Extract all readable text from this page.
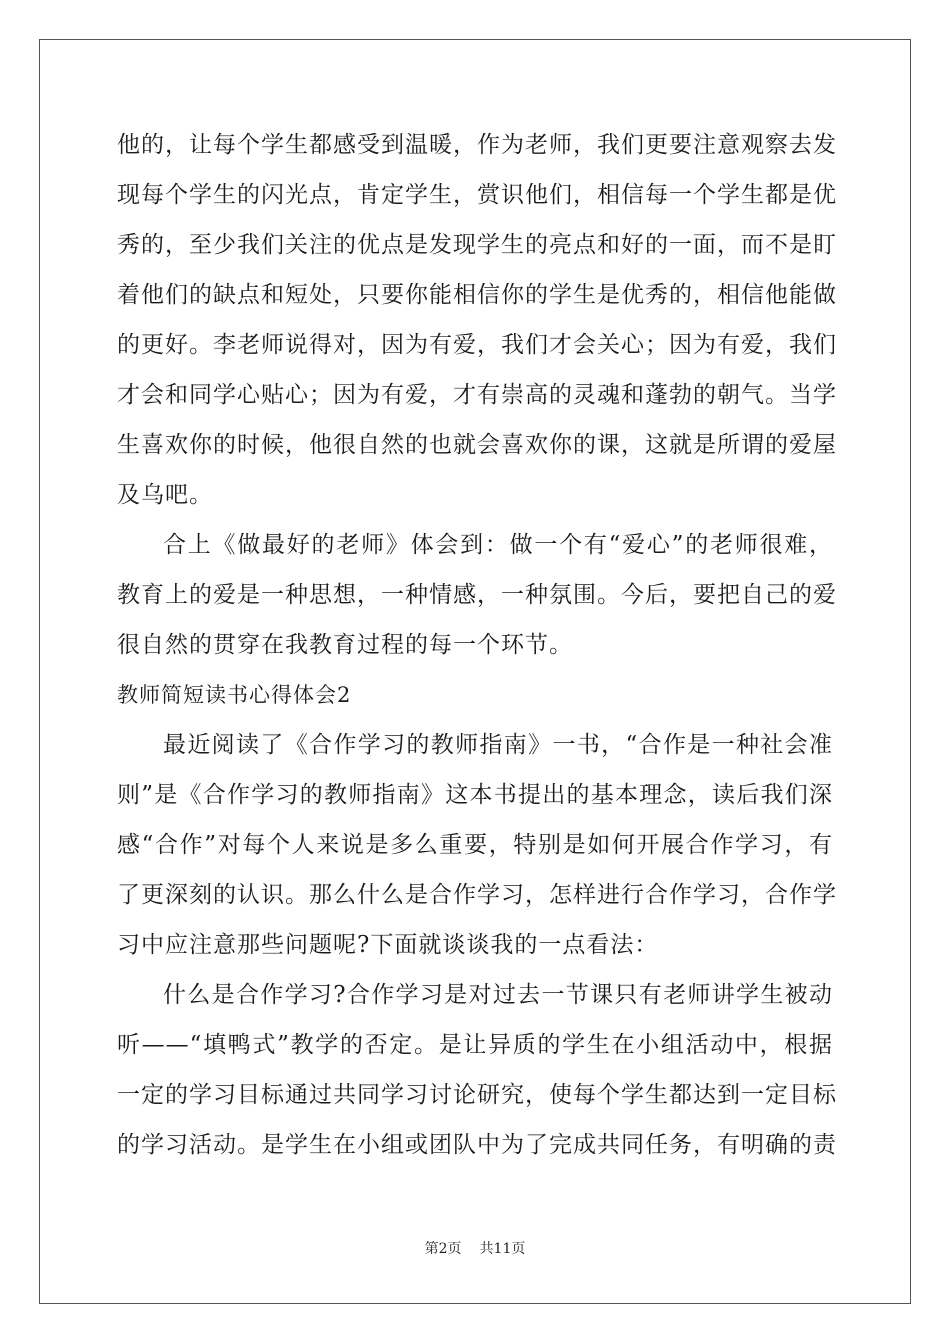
他的，让每个学生都感受到温暖，作为老师，我们更要注意观察去发
现每个学生的闪光点，肯定学生，赏识他们，相信每一个学生都是优
秀的，至少我们关注的优点是发现学生的亮点和好的一面，而不是盯
着他们的缺点和短处，只要你能相信你的学生是优秀的，相信他能做
的更好。李老师说得对，因为有爱，我们才会关心；因为有爱，我们
才会和同学心贴心；因为有爱，才有崇高的灵魂和蓬勃的朝气。当学
生喜欢你的时候，他很自然的也就会喜欢你的课，这就是所谓的爱屋
及乌吧。
合上《做最好的老师》体会到：做一个有“爱心”的老师很难，
教育上的爱是一种思想，一种情感，一种氛围。今后，要把自己的爱
很自然的贯穿在我教育过程的每一个环节。
教师简短读书心得体会2
最近阅读了《合作学习的教师指南》一书，“合作是一种社会准
则”是《合作学习的教师指南》这本书提出的基本理念，读后我们深
感“合作”对每个人来说是多么重要，特别是如何开展合作学习，有
了更深刻的认识。那么什么是合作学习，怎样进行合作学习，合作学
习中应注意那些问题呢?下面就谈谈我的一点看法：
什么是合作学习?合作学习是对过去一节课只有老师讲学生被动
听——“填鸭式”教学的否定。是让异质的学生在小组活动中，根据
一定的学习目标通过共同学习讨论研究，使每个学生都达到一定目标
的学习活动。是学生在小组或团队中为了完成共同任务，有明确的责
第2页 共11页
